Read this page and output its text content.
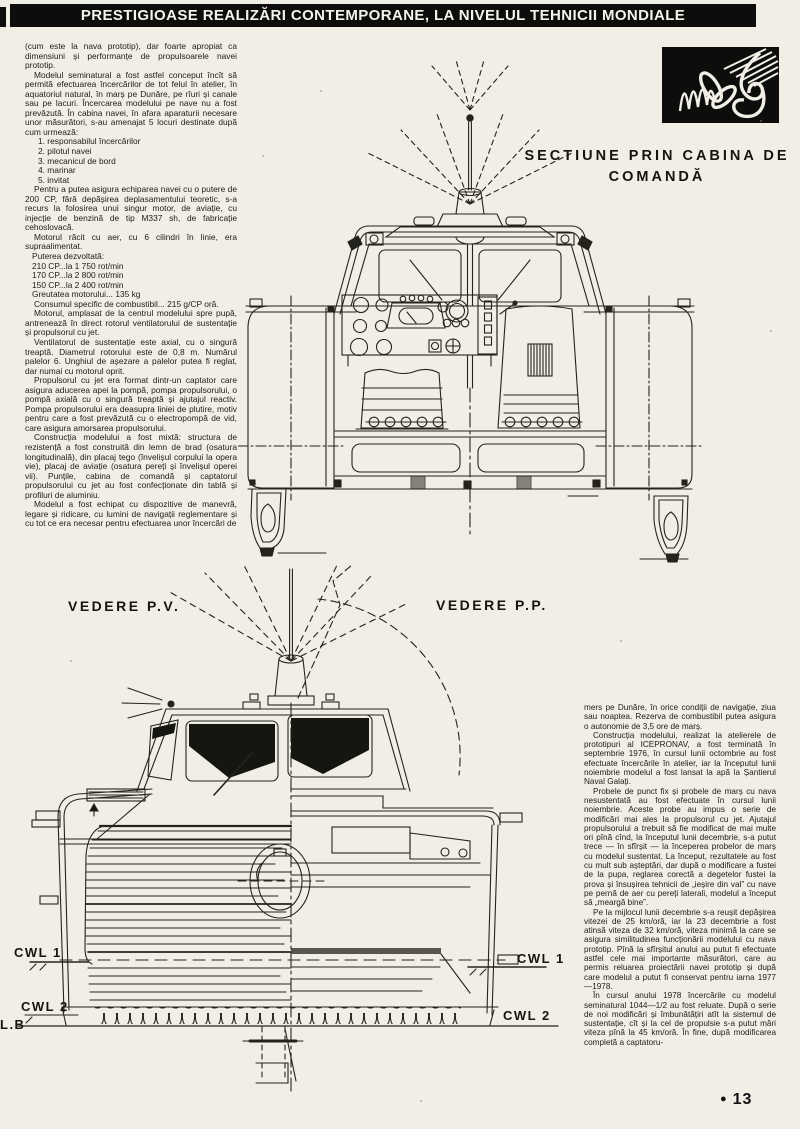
PRESTIGIOASE REALIZĂRI CONTEMPORANE, LA NIVELUL TEHNICII MONDIALE
SECTIUNE PRIN CABINA DE
COMANDĂ
VEDERE P.V.	VEDERE P.P.
CWL 1	CWL 1
CWL 2
CWL 2
L.B

(cum este la nava prototip), dar foarte apropiat ca dimensiuni și performanțe de propulsoarele navei prototip.

Modelul seminatural a fost astfel conceput încît să permită efectuarea încercărilor de tot felul în atelier, în aquatoriul natural, în marș pe Dunăre, pe rîuri și canale sau pe lacuri. Încercarea modelului pe nave nu a fost prevăzută. În cabina navei, în afara aparaturii necesare unor măsurători, s-au amenajat 5 locuri destinate după cum urmează:

1. responsabilul încercărilor

2. pilotul navei

3. mecanicul de bord

4. marinar

5. invitat

Pentru a putea asigura echiparea navei cu o putere de 200 CP, fără depășirea deplasamentului teoretic, s-a recurs la folosirea unui singur motor, de aviație, cu injecție de benzină de tip M337 sh, de fabricație cehoslovacă.

Motorul răcit cu aer, cu 6 cilindri în linie, era supraalimentat.

Puterea dezvoltată:

210 CP...la 1 750 rot/min

170 CP...la 2 800 rot/min

150 CP...la 2 400 rot/min

Greutatea motorului... 135 kg

Consumul specific de combustibil... 215 g/CP oră.

Motorul, amplasat de la centrul modelului spre pupă, antrenează în direct rotorul ventilatorului de sustentație și propulsorul cu jet.

Ventilatorul de sustentație este axial, cu o singură treaptă. Diametrul rotorului este de 0,8 m. Numărul palelor 6. Unghiul de așezare a palelor putea fi reglat, dar numai cu motorul oprit.

Propulsorul cu jet era format dintr-un captator care asigura aducerea apei la pompă, pompa propulsorului, o pompă axială cu o singură treaptă și ajutajul reactiv. Pompa propulsorului era deasupra liniei de plutire, motiv pentru care a fost prevăzută cu o electropompă de vid, care asigura amorsarea propulsorului.

Construcția modelului a fost mixtă: structura de rezistență a fost construită din lemn de brad (osatura longitudinală), din placaj tego (învelișul corpului la opera vie), placaj de aviație (osatura pereți și învelișul operei vii). Punțile, cabina de comandă și captatorul propulsorului cu jet au fost confecționate din tablă și profiluri de aluminiu.

Modelul a fost echipat cu dispozitive de manevră, legare și ridicare, cu lumini de navigații reglementare și cu tot ce era necesar pentru efectuarea unor încercări de

mers pe Dunăre, în orice condiții de navigație, ziua sau noaptea. Rezerva de combustibil putea asigura o autonomie de 3,5 ore de marș.

Construcția modelului, realizat la atelierele de prototipuri al ICEPRONAV, a fost terminată în septembrie 1976, în cursul lunii octombrie au fost efectuate încercările în atelier, iar la începutul lunii noiembrie modelul a fost lansat la apă la Șantierul Naval Galați.

Probele de punct fix și probele de marș cu nava nesustentată au fost efectuate în cursul lunii noiembrie. Aceste probe au impus o serie de modificări mai ales la propulsorul cu jet. Ajutajul propulsorului a trebuit să fie modificat de mai multe ori pînă cînd, la începutul lunii decembrie, s-a putut trece — în sfîrșit — la începerea probelor de marș cu modelul sustentat. La început, rezultatele au fost cu mult sub așteptări, dar după o modificare a fustei de la pupa, reglarea corectă a degetelor fustei la prova și însușirea tehnicii de „ieșire din val” cu nave pe pernă de aer cu pereți laterali, modelul a început să „meargă bine”.

Pe la mijlocul lunii decembrie s-a reușit depășirea vitezei de 25 km/oră, iar la 23 decembrie a fost atinsă viteza de 32 km/oră, viteza minimă la care se asigura similitudinea funcționării modelului cu nava prototip. Pînă la sfîrșitul anului au putut fi efectuate astfel cele mai importante măsurători, care au permis reluarea proiectării navei prototip și după care modelul a putut fi conservat pentru iarna 1977—1978.

În cursul anului 1978 încercările cu modelul seminatural 1044—1/2 au fost reluate. După o serie de noi modificări și îmbunătățiri atît la sistemul de sustentație, cît și la cel de propulsie s-a putut mări viteza pînă la 45 km/oră. În fine, după modificarea completă a captatoru-

● 13
